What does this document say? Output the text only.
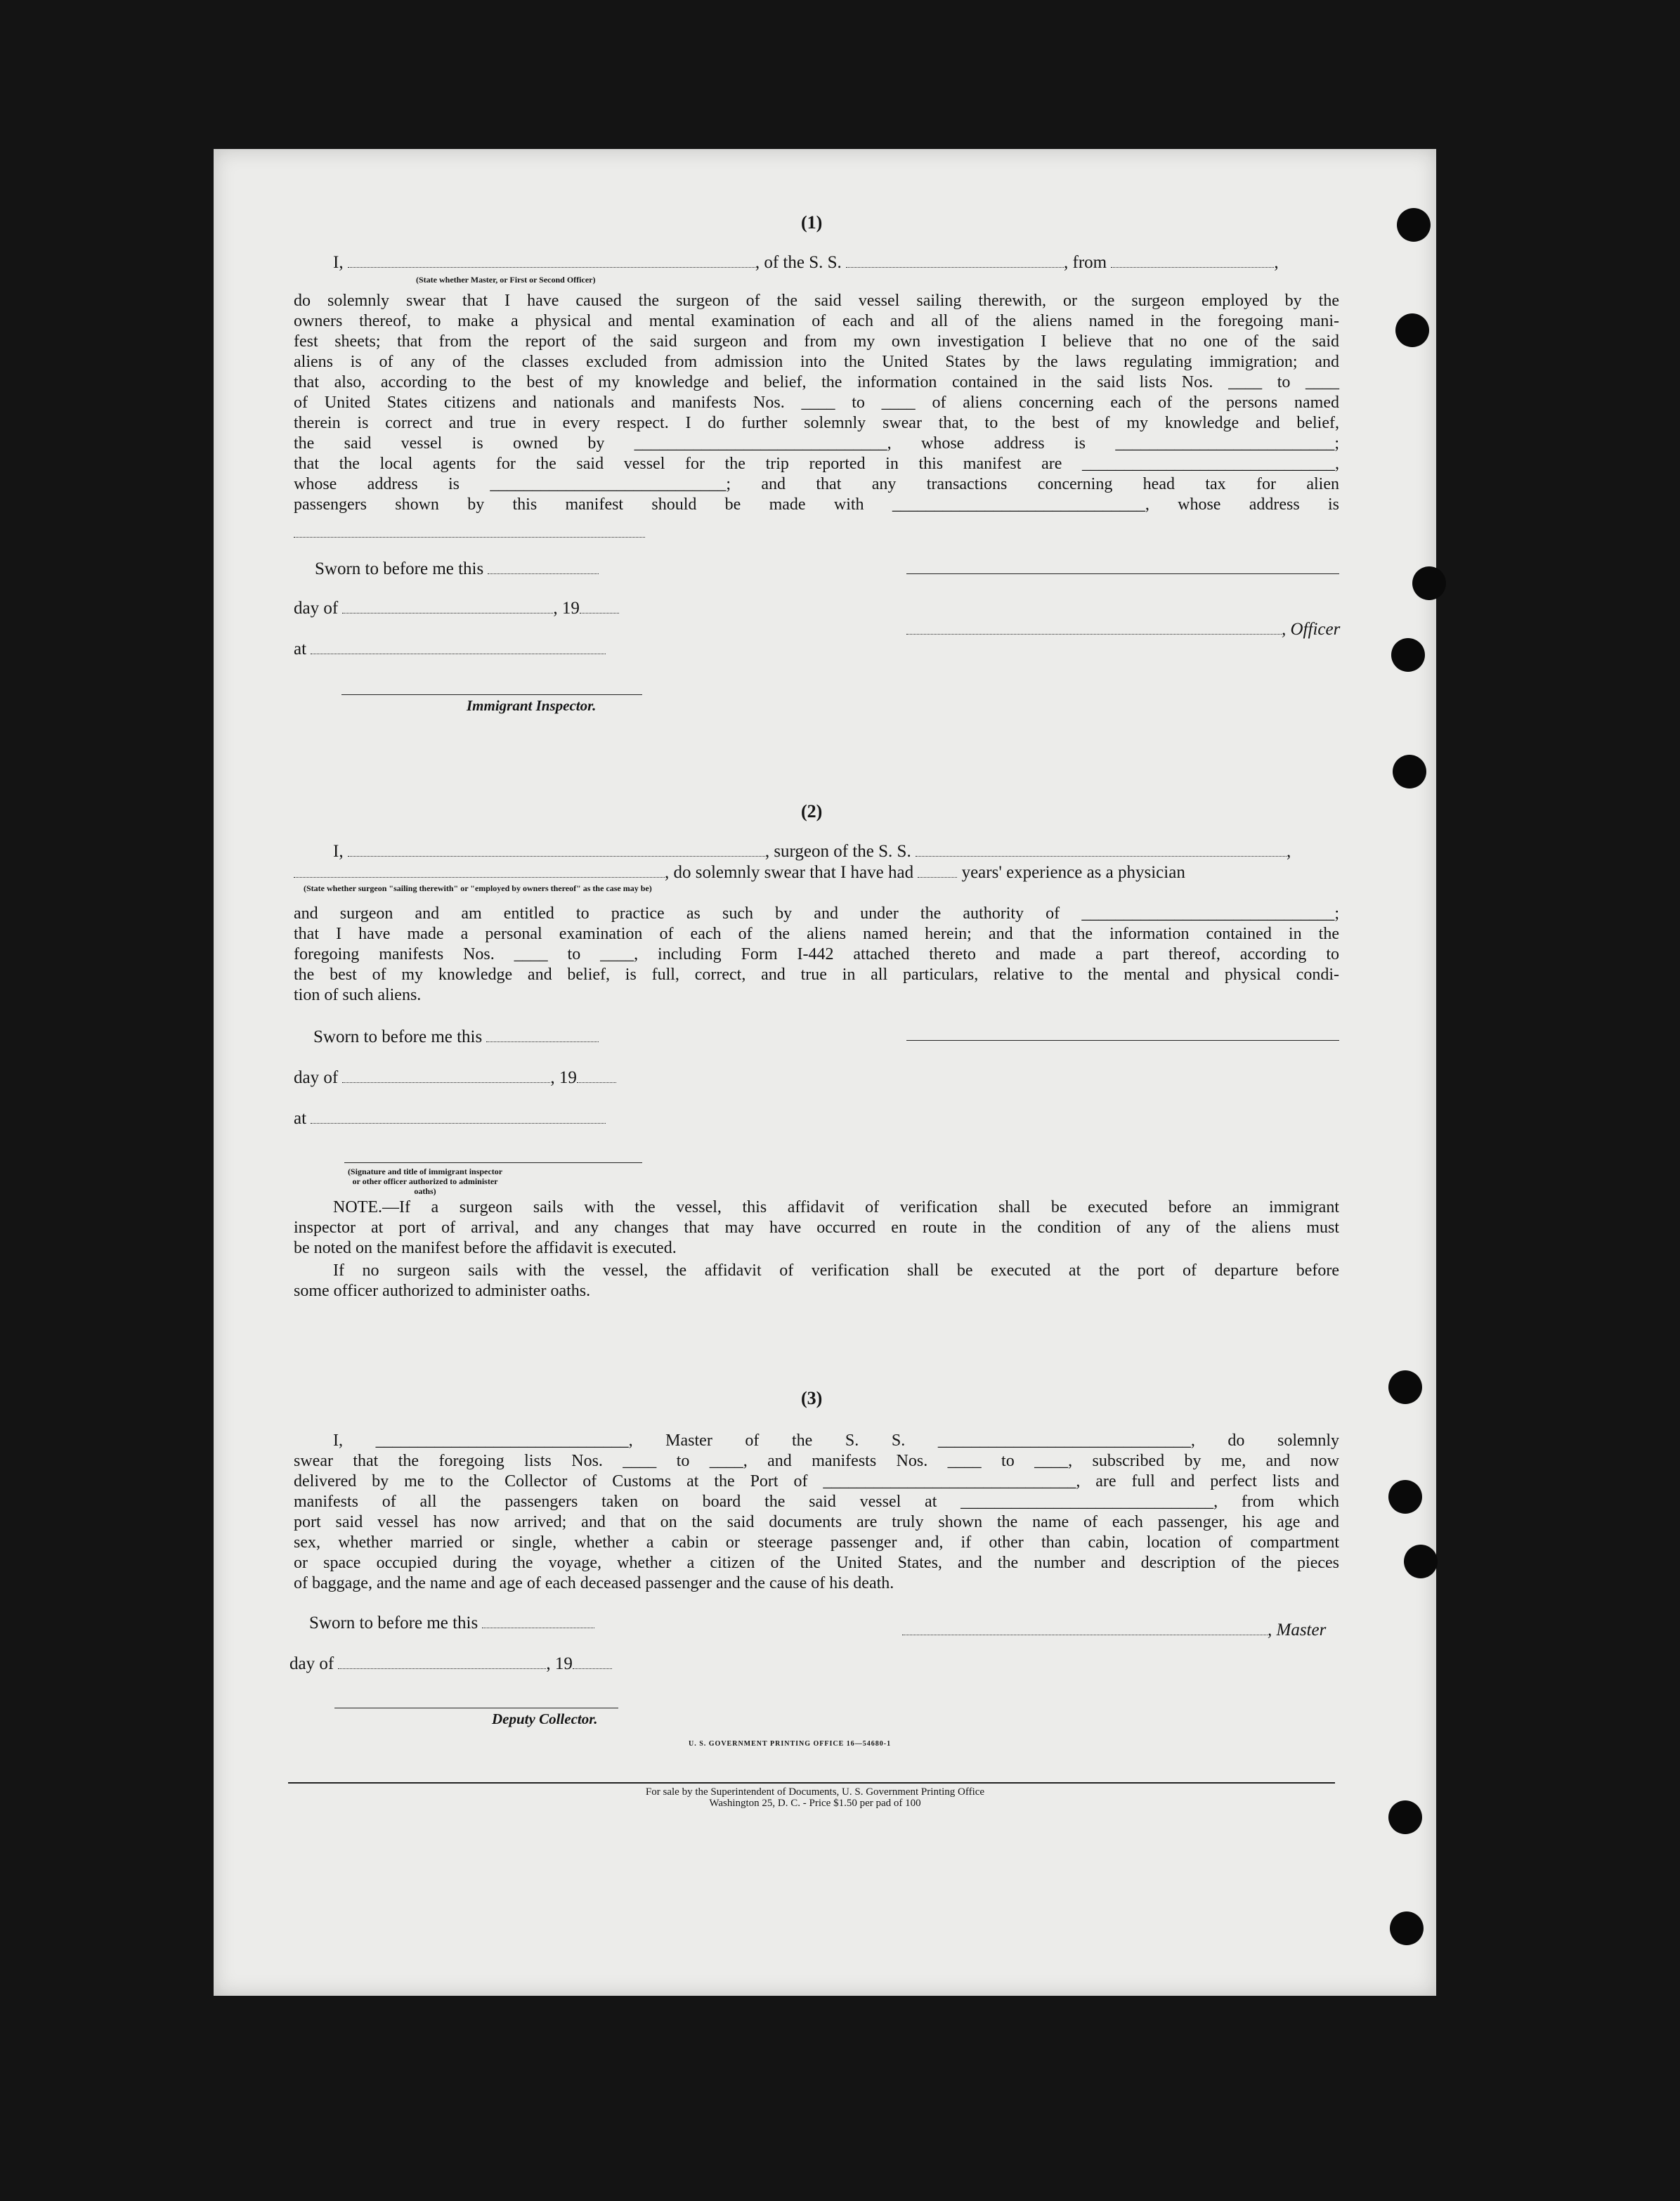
(1)
I,	, of the S. S.	, from	,
(State whether Master, or First or Second Officer)
do solemnly swear that I have caused the surgeon of the said vessel sailing therewith, or the surgeon employed by the
owners thereof, to make a physical and mental examination of each and all of the aliens named in the foregoing mani-
fest sheets; that from the report of the said surgeon and from my own investigation I believe that no one of the said
aliens is of any of the classes excluded from admission into the United States by the laws regulating immigration; and
that also, according to the best of my knowledge and belief, the information contained in the said lists Nos. ____ to ____
of United States citizens and nationals and manifests Nos. ____ to ____ of aliens concerning each of the persons named
therein is correct and true in every respect. I do further solemnly swear that, to the best of my knowledge and belief,
the said vessel is owned by ______________________________, whose address is __________________________;
that the local agents for the said vessel for the trip reported in this manifest are ______________________________,
whose address is ____________________________; and that any transactions concerning head tax for alien
passengers shown by this manifest should be made with ______________________________, whose address is
Sworn to before me this
day of	, 19
at
Immigrant Inspector.
, Officer
(2)
I,	, surgeon of the S. S.	,
, do solemnly swear that I have had	years' experience as a physician
(State whether surgeon "sailing therewith" or "employed by owners thereof" as the case may be)
and surgeon and am entitled to practice as such by and under the authority of ______________________________;
that I have made a personal examination of each of the aliens named herein; and that the information contained in the
foregoing manifests Nos. ____ to ____, including Form I-442 attached thereto and made a part thereof, according to
the best of my knowledge and belief, is full, correct, and true in all particulars, relative to the mental and physical condi-
tion of such aliens.
Sworn to before me this
day of	, 19
at
(Signature and title of immigrant inspector or other officer authorized to administer oaths)
NOTE.—If a surgeon sails with the vessel, this affidavit of verification shall be executed before an immigrant
inspector at port of arrival, and any changes that may have occurred en route in the condition of any of the aliens must
be noted on the manifest before the affidavit is executed.
If no surgeon sails with the vessel, the affidavit of verification shall be executed at the port of departure before
some officer authorized to administer oaths.
(3)
I, ______________________________, Master of the S. S. ______________________________, do solemnly
swear that the foregoing lists Nos. ____ to ____, and manifests Nos. ____ to ____, subscribed by me, and now
delivered by me to the Collector of Customs at the Port of ______________________________, are full and perfect lists and
manifests of all the passengers taken on board the said vessel at ______________________________, from which
port said vessel has now arrived; and that on the said documents are truly shown the name of each passenger, his age and
sex, whether married or single, whether a cabin or steerage passenger and, if other than cabin, location of compartment
or space occupied during the voyage, whether a citizen of the United States, and the number and description of the pieces
of baggage, and the name and age of each deceased passenger and the cause of his death.
Sworn to before me this	, Master
day of	, 19
Deputy Collector.
U. S. GOVERNMENT PRINTING OFFICE 16—54680-1
For sale by the Superintendent of Documents, U. S. Government Printing Office
Washington 25, D. C. - Price $1.50 per pad of 100
